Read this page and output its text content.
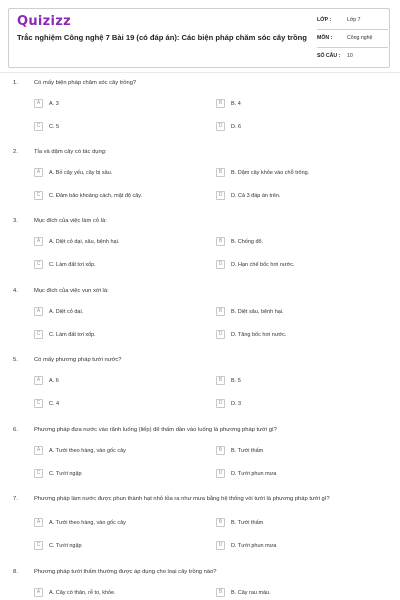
Quizizz
Trắc nghiệm Công nghệ 7 Bài 19 (có đáp án): Các biện pháp chăm sóc cây trồng
LỚP :	Lớp 7
MÔN :	Công nghệ
SỐ CÂU : 10
1.	Có mấy biện pháp chăm sóc cây trồng?
A	A. 3	B	B. 4
C	C. 5	D	D. 6
2.	Tỉa và dặm cây có tác dụng:
A	A. Bỏ cây yếu, cây bị sâu.	B	B. Dặm cây khỏe vào chỗ trống.
C	C. Đảm bảo khoảng cách, mật độ cây.	D	D. Cả 3 đáp án trên.
3.	Mục đích của việc làm cỏ là:
A	A. Diệt cỏ dại, sâu, bệnh hại.	B	B. Chống đổ.
C	C. Làm đất tơi xốp.	D	D. Hạn chế bốc hơi nước.
4.	Mục đích của việc vun xới là:
A	A. Diệt cỏ dại.	B	B. Diệt sâu, bệnh hại.
C	C. Làm đất tơi xốp.	D	D. Tăng bốc hơi nước.
5.	Có mấy phương pháp tưới nước?
A	A. 6	B	B. 5
C	C. 4	D	D. 3
6.	Phương pháp đưa nước vào rãnh luống (liếp) để thấm dần vào luống là phương pháp tưới gì?
A	A. Tưới theo hàng, vào gốc cây	B	B. Tưới thấm
C	C. Tưới ngập	D	D. Tưới phun mưa
7.	Phương pháp làm nước được phun thành hạt nhỏ tỏa ra như mưa bằng hệ thống vòi tưới là phương pháp tưới gì?
A	A. Tưới theo hàng, vào gốc cây	B	B. Tưới thấm
C	C. Tưới ngập	D	D. Tưới phun mưa
8.	Phương pháp tưới thấm thường được áp dụng cho loại cây trồng nào?
A	A. Cây có thân, rễ to, khỏe.	B	B. Cây rau màu.
